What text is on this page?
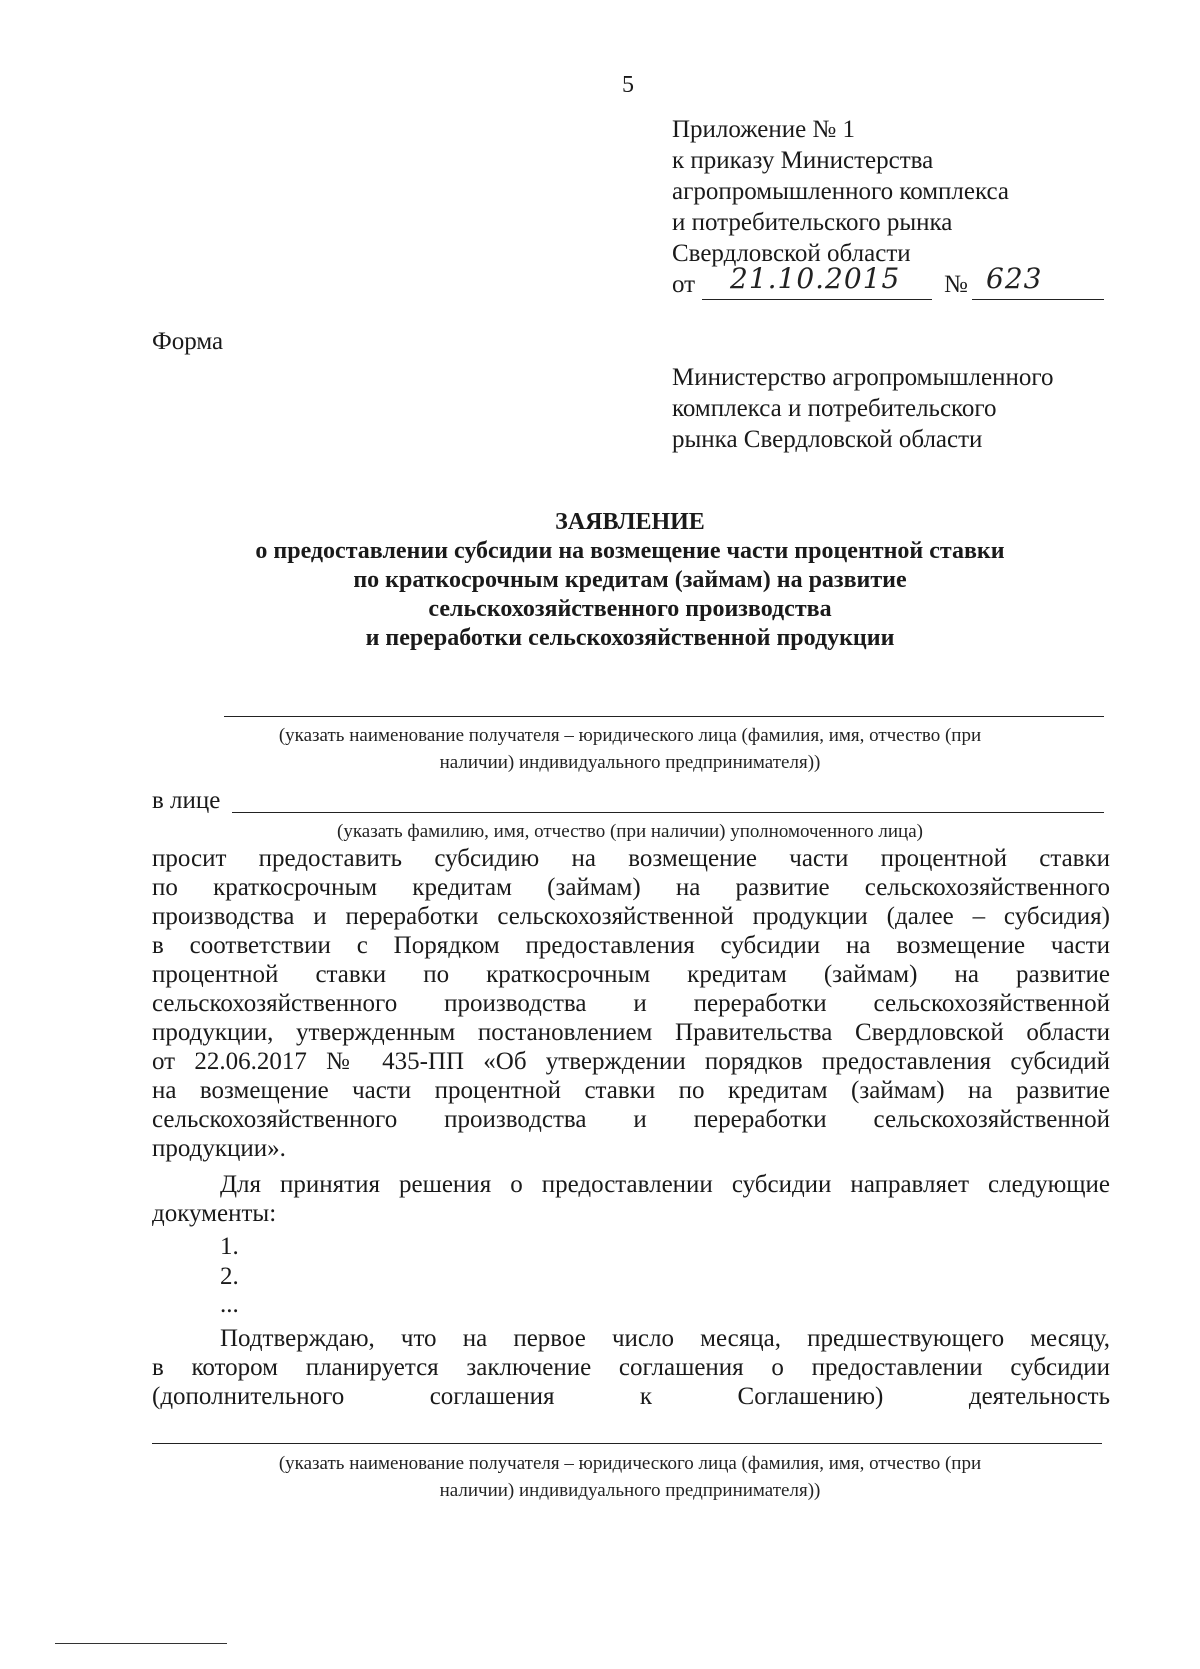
5
Приложение № 1
к приказу Министерства
агропромышленного комплекса
и потребительского рынка
Свердловской области
от 21.10.2015 № 623
Форма
Министерство агропромышленного
комплекса и потребительского
рынка Свердловской области
ЗАЯВЛЕНИЕ
о предоставлении субсидии на возмещение части процентной ставки
по краткосрочным кредитам (займам) на развитие
сельскохозяйственного производства
и переработки сельскохозяйственной продукции
(указать наименование получателя – юридического лица (фамилия, имя, отчество (при
наличии) индивидуального предпринимателя))
в лице
(указать фамилию, имя, отчество (при наличии) уполномоченного лица)
просит предоставить субсидию на возмещение части процентной ставки
по краткосрочным кредитам (займам) на развитие сельскохозяйственного
производства и переработки сельскохозяйственной продукции (далее – субсидия)
в соответствии с Порядком предоставления субсидии на возмещение части
процентной ставки по краткосрочным кредитам (займам) на развитие
сельскохозяйственного производства и переработки сельскохозяйственной
продукции, утвержденным постановлением Правительства Свердловской области
от 22.06.2017 № 435-ПП «Об утверждении порядков предоставления субсидий
на возмещение части процентной ставки по кредитам (займам) на развитие
сельскохозяйственного производства и переработки сельскохозяйственной
продукции».
Для принятия решения о предоставлении субсидии направляет следующие
документы:
1.
2.
...
Подтверждаю, что на первое число месяца, предшествующего месяцу,
в котором планируется заключение соглашения о предоставлении субсидии
(дополнительного соглашения к Соглашению) деятельность
(указать наименование получателя – юридического лица (фамилия, имя, отчество (при
наличии) индивидуального предпринимателя))
